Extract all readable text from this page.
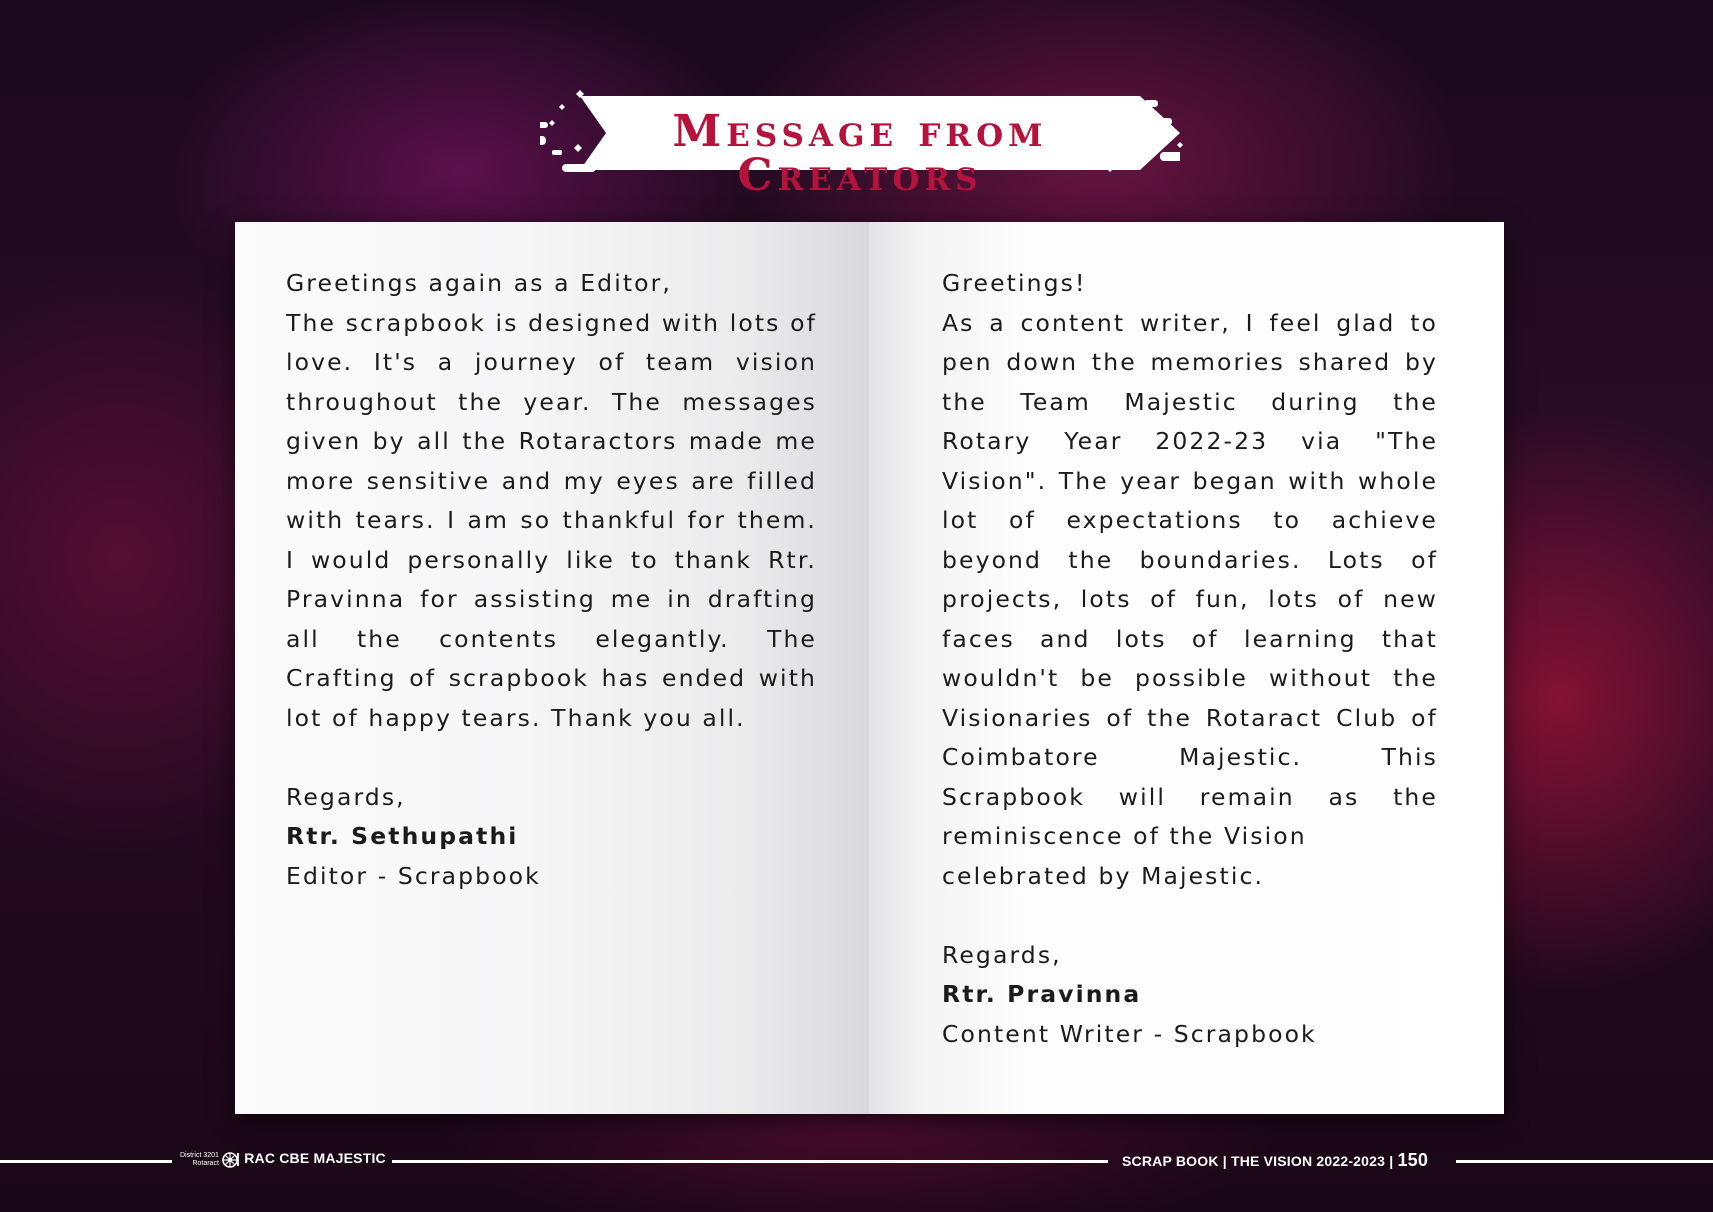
Message from Creators

Greetings again as a Editor,

The scrapbook is designed with lots of love. It's a journey of team vision throughout the year. The messages given by all the Rotaractors made me more sensitive and my eyes are filled with tears. I am so thankful for them. I would personally like to thank Rtr. Pravinna for assisting me in drafting all the contents elegantly. The Crafting of scrapbook has ended with lot of happy tears. Thank you all.

Regards,

Rtr. Sethupathi

Editor - Scrapbook

Greetings!

As a content writer, I feel glad to pen down the memories shared by the Team Majestic during the Rotary Year 2022-23 via "The Vision". The year began with whole lot of expectations to achieve beyond the boundaries. Lots of projects, lots of fun, lots of new faces and lots of learning that wouldn't be possible without the Visionaries of the Rotaract Club of Coimbatore Majestic. This Scrapbook will remain as the reminiscence of the Vision

celebrated by Majestic.

Regards,

Rtr. Pravinna

Content Writer - Scrapbook

District 3201
Rotaract | RAC CBE MAJESTIC	SCRAP BOOK | THE VISION 2022-2023 | 150
